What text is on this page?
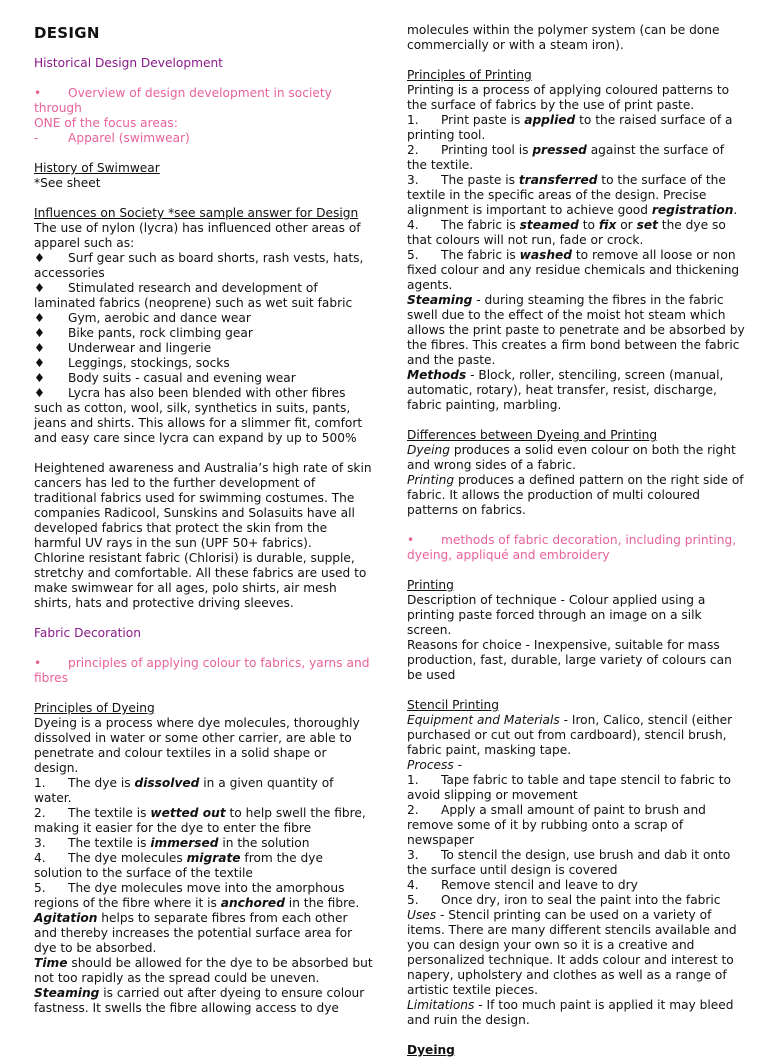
DESIGN

Historical Design Development

• Overview of design development in society through

ONE of the focus areas:

- Apparel (swimwear)

History of Swimwear

*See sheet

Influences on Society *see sample answer for Design

The use of nylon (lycra) has influenced other areas of apparel such as:

♦ Surf gear such as board shorts, rash vests, hats, accessories

♦ Stimulated research and development of laminated fabrics (neoprene) such as wet suit fabric

♦ Gym, aerobic and dance wear

♦ Bike pants, rock climbing gear

♦ Underwear and lingerie

♦ Leggings, stockings, socks

♦ Body suits - casual and evening wear

♦ Lycra has also been blended with other fibres such as cotton, wool, silk, synthetics in suits, pants, jeans and shirts. This allows for a slimmer fit, comfort and easy care since lycra can expand by up to 500%

Heightened awareness and Australia’s high rate of skin cancers has led to the further development of traditional fabrics used for swimming costumes. The companies Radicool, Sunskins and Solasuits have all developed fabrics that protect the skin from the harmful UV rays in the sun (UPF 50+ fabrics).

Chlorine resistant fabric (Chlorisi) is durable, supple, stretchy and comfortable. All these fabrics are used to make swimwear for all ages, polo shirts, air mesh shirts, hats and protective driving sleeves.

Fabric Decoration

• principles of applying colour to fabrics, yarns and fibres

Principles of Dyeing

Dyeing is a process where dye molecules, thoroughly dissolved in water or some other carrier, are able to penetrate and colour textiles in a solid shape or design.

1. The dye is dissolved in a given quantity of water.

2. The textile is wetted out to help swell the fibre, making it easier for the dye to enter the fibre

3. The textile is immersed in the solution

4. The dye molecules migrate from the dye solution to the surface of the textile

5. The dye molecules move into the amorphous regions of the fibre where it is anchored in the fibre.

Agitation helps to separate fibres from each other and thereby increases the potential surface area for dye to be absorbed.

Time should be allowed for the dye to be absorbed but not too rapidly as the spread could be uneven.

Steaming is carried out after dyeing to ensure colour fastness. It swells the fibre allowing access to dye

molecules within the polymer system (can be done commercially or with a steam iron).

Principles of Printing

Printing is a process of applying coloured patterns to the surface of fabrics by the use of print paste.

1. Print paste is applied to the raised surface of a printing tool.

2. Printing tool is pressed against the surface of the textile.

3. The paste is transferred to the surface of the textile in the specific areas of the design. Precise alignment is important to achieve good registration.

4. The fabric is steamed to fix or set the dye so that colours will not run, fade or crock.

5. The fabric is washed to remove all loose or non fixed colour and any residue chemicals and thickening agents.

Steaming - during steaming the fibres in the fabric swell due to the effect of the moist hot steam which allows the print paste to penetrate and be absorbed by the fibres. This creates a firm bond between the fabric and the paste.

Methods - Block, roller, stenciling, screen (manual, automatic, rotary), heat transfer, resist, discharge, fabric painting, marbling.

Differences between Dyeing and Printing

Dyeing produces a solid even colour on both the right and wrong sides of a fabric.

Printing produces a defined pattern on the right side of fabric. It allows the production of multi coloured patterns on fabrics.

• methods of fabric decoration, including printing, dyeing, appliqué and embroidery

Printing

Description of technique - Colour applied using a printing paste forced through an image on a silk screen.

Reasons for choice - Inexpensive, suitable for mass production, fast, durable, large variety of colours can be used

Stencil Printing

Equipment and Materials - Iron, Calico, stencil (either purchased or cut out from cardboard), stencil brush, fabric paint, masking tape.

Process -

1. Tape fabric to table and tape stencil to fabric to avoid slipping or movement

2. Apply a small amount of paint to brush and remove some of it by rubbing onto a scrap of newspaper

3. To stencil the design, use brush and dab it onto the surface until design is covered

4. Remove stencil and leave to dry

5. Once dry, iron to seal the paint into the fabric

Uses - Stencil printing can be used on a variety of items. There are many different stencils available and you can design your own so it is a creative and personalized technique. It adds colour and interest to napery, upholstery and clothes as well as a range of artistic textile pieces.

Limitations - If too much paint is applied it may bleed and ruin the design.

Dyeing
